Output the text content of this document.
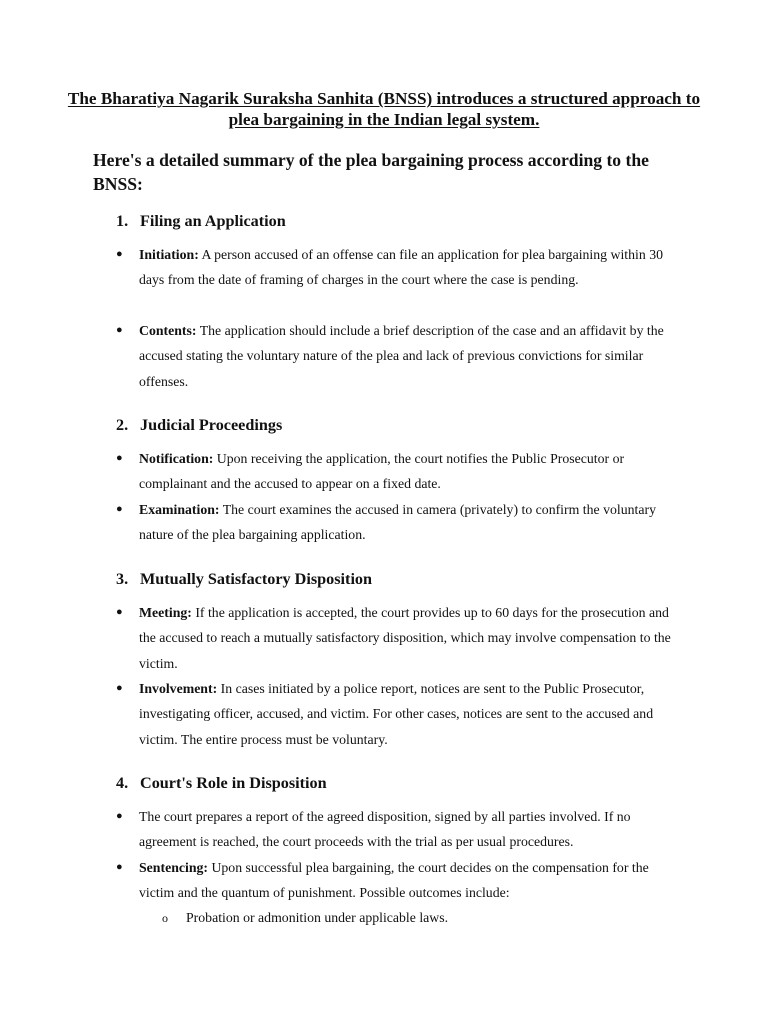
The Bharatiya Nagarik Suraksha Sanhita (BNSS) introduces a structured approach to plea bargaining in the Indian legal system.
Here's a detailed summary of the plea bargaining process according to the BNSS:
1. Filing an Application
● Initiation: A person accused of an offense can file an application for plea bargaining within 30 days from the date of framing of charges in the court where the case is pending.
● Contents: The application should include a brief description of the case and an affidavit by the accused stating the voluntary nature of the plea and lack of previous convictions for similar offenses.
2. Judicial Proceedings
● Notification: Upon receiving the application, the court notifies the Public Prosecutor or complainant and the accused to appear on a fixed date.
● Examination: The court examines the accused in camera (privately) to confirm the voluntary nature of the plea bargaining application.
3. Mutually Satisfactory Disposition
● Meeting: If the application is accepted, the court provides up to 60 days for the prosecution and the accused to reach a mutually satisfactory disposition, which may involve compensation to the victim.
● Involvement: In cases initiated by a police report, notices are sent to the Public Prosecutor, investigating officer, accused, and victim. For other cases, notices are sent to the accused and victim. The entire process must be voluntary.
4. Court's Role in Disposition
● The court prepares a report of the agreed disposition, signed by all parties involved. If no agreement is reached, the court proceeds with the trial as per usual procedures.
● Sentencing: Upon successful plea bargaining, the court decides on the compensation for the victim and the quantum of punishment. Possible outcomes include:
o Probation or admonition under applicable laws.
